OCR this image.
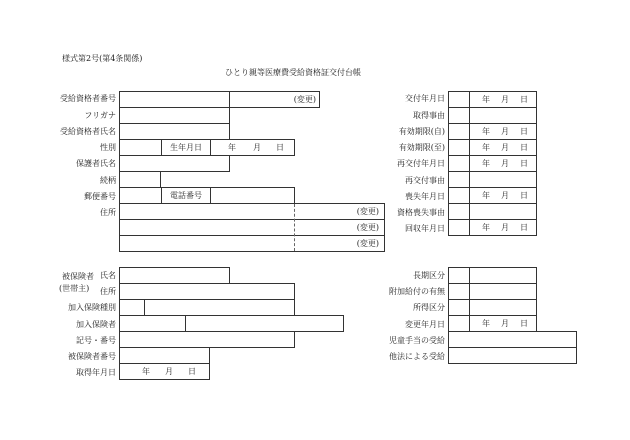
様式第2号(第4条関係)
ひとり親等医療費受給資格証交付台帳
受給資格者番号	(変更)
フリガナ
受給資格者氏名
性別	生年月日	年 月 日
保護者氏名
続柄
郵便番号	電話番号
住所	(変更)
(変更)
(変更)
交付年月日	年 月 日
取得事由
有効期限(自)	年 月 日
有効期限(至)	年 月 日
再交付年月日	年 月 日
再交付事由
喪失年月日	年 月 日
資格喪失事由
回収年月日	年 月 日
被保険者
(世帯主)
氏名
住所
加入保険種別
加入保険者
記号・番号
被保険者番号
取得年月日	年 月 日
長期区分
附加給付の有無
所得区分
変更年月日	年 月 日
児童手当の受給
他法による受給
